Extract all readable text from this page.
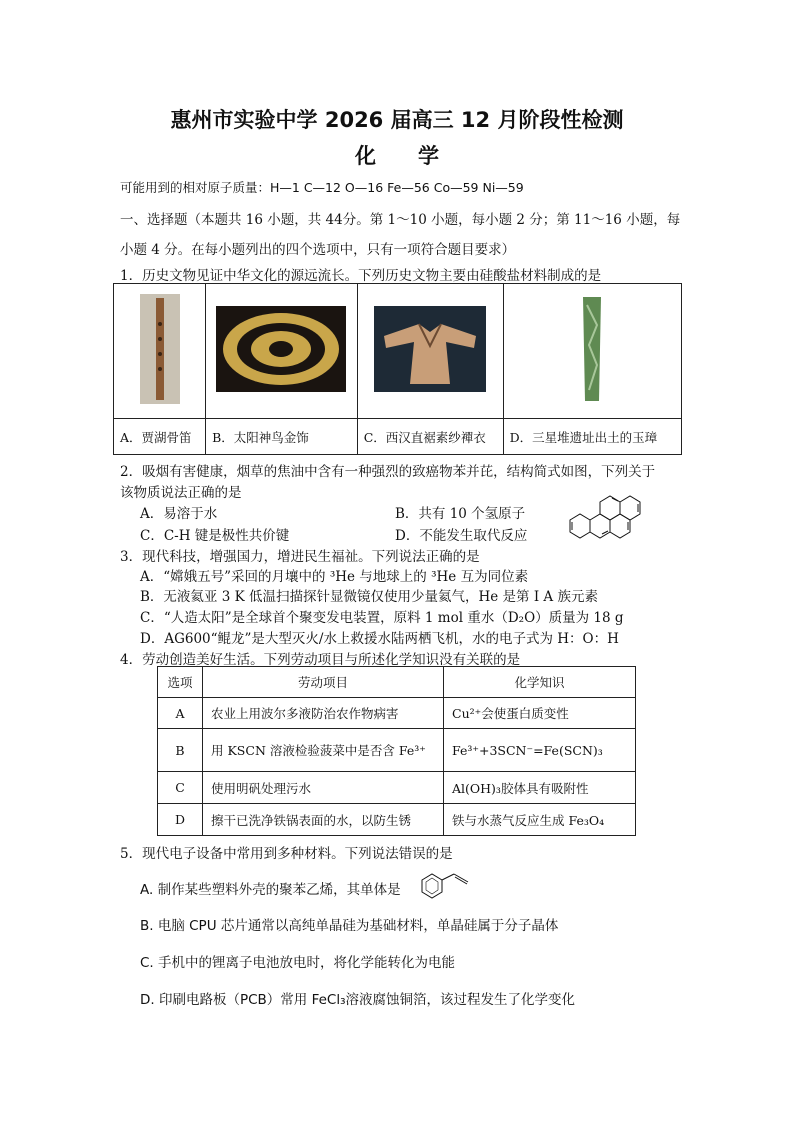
惠州市实验中学 2026 届高三 12 月阶段性检测
化　　学
可能用到的相对原子质量：H—1 C—12 O—16 Fe—56 Co—59 Ni—59
一、选择题（本题共 16 小题，共 44分。第 1～10 小题，每小题 2 分；第 11～16 小题，每
小题 4 分。在每小题列出的四个选项中，只有一项符合题目要求）
1．历史文物见证中华文化的源远流长。下列历史文物主要由硅酸盐材料制成的是

A．贾湖骨笛	B．太阳神鸟金饰	C．西汉直裾素纱襌衣	D．三星堆遗址出土的玉璋
2．吸烟有害健康，烟草的焦油中含有一种强烈的致癌物苯并芘，结构简式如图，下列关于
该物质说法正确的是
A．易溶于水	B．共有 10 个氢原子
C．C-H 键是极性共价键	D．不能发生取代反应
3．现代科技，增强国力，增进民生福祉。下列说法正确的是
A．“嫦娥五号”采回的月壤中的 ³He 与地球上的 ³He 互为同位素
B．无液氦亚 3 K 低温扫描探针显微镜仅使用少量氦气，He 是第 I A 族元素
C．“人造太阳”是全球首个聚变发电装置，原料 1 mol 重水（D₂O）质量为 18 g
D．AG600“鲲龙”是大型灭火/水上救援水陆两栖飞机，水的电子式为 H：O：H
4．劳动创造美好生活。下列劳动项目与所述化学知识没有关联的是
选项	劳动项目	化学知识
A	农业上用波尔多液防治农作物病害	Cu²⁺会使蛋白质变性
B	用 KSCN 溶液检验菠菜中是否含 Fe³⁺	Fe³⁺+3SCN⁻=Fe(SCN)₃
C	使用明矾处理污水	Al(OH)₃胶体具有吸附性
D	擦干已洗净铁锅表面的水，以防生锈	铁与水蒸气反应生成 Fe₃O₄
5．现代电子设备中常用到多种材料。下列说法错误的是
A. 制作某些塑料外壳的聚苯乙烯，其单体是
B. 电脑 CPU 芯片通常以高纯单晶硅为基础材料，单晶硅属于分子晶体
C. 手机中的锂离子电池放电时，将化学能转化为电能
D. 印刷电路板（PCB）常用 FeCl₃溶液腐蚀铜箔，该过程发生了化学变化
